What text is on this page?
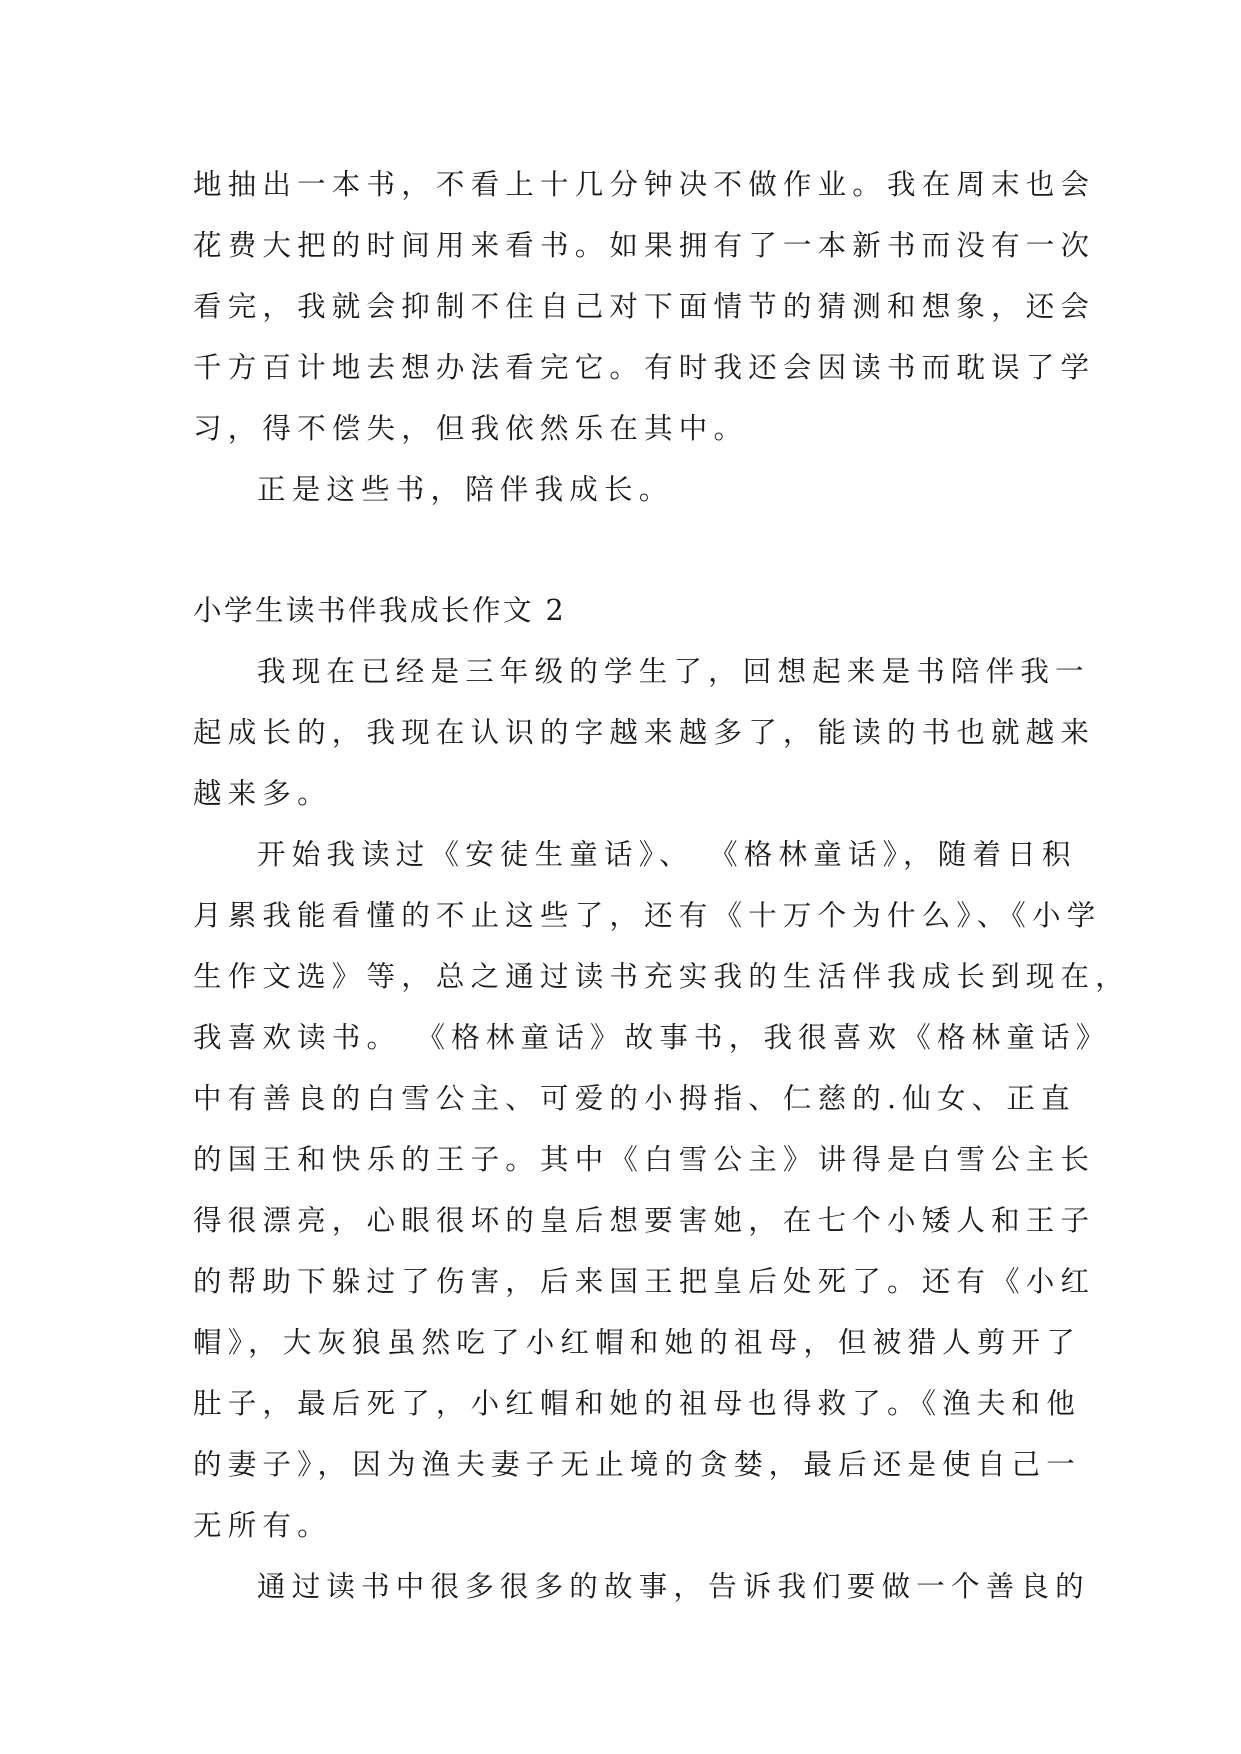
地抽出一本书，不看上十几分钟决不做作业。我在周末也会
花费大把的时间用来看书。如果拥有了一本新书而没有一次
看完，我就会抑制不住自己对下面情节的猜测和想象，还会
千方百计地去想办法看完它。有时我还会因读书而耽误了学
习，得不偿失，但我依然乐在其中。
正是这些书，陪伴我成长。
小学生读书伴我成长作文 2
我现在已经是三年级的学生了，回想起来是书陪伴我一
起成长的，我现在认识的字越来越多了，能读的书也就越来
越来多。
开始我读过《安徒生童话》、 《格林童话》，随着日积
月累我能看懂的不止这些了，还有《十万个为什么》、《小学
生作文选》等，总之通过读书充实我的生活伴我成长到现在，
我喜欢读书。 《格林童话》故事书，我很喜欢《格林童话》
中有善良的白雪公主、可爱的小拇指、仁慈的.仙女、正直
的国王和快乐的王子。其中《白雪公主》讲得是白雪公主长
得很漂亮，心眼很坏的皇后想要害她，在七个小矮人和王子
的帮助下躲过了伤害，后来国王把皇后处死了。还有《小红
帽》，大灰狼虽然吃了小红帽和她的祖母，但被猎人剪开了
肚子，最后死了，小红帽和她的祖母也得救了。《渔夫和他
的妻子》，因为渔夫妻子无止境的贪婪，最后还是使自己一
无所有。
通过读书中很多很多的故事，告诉我们要做一个善良的
